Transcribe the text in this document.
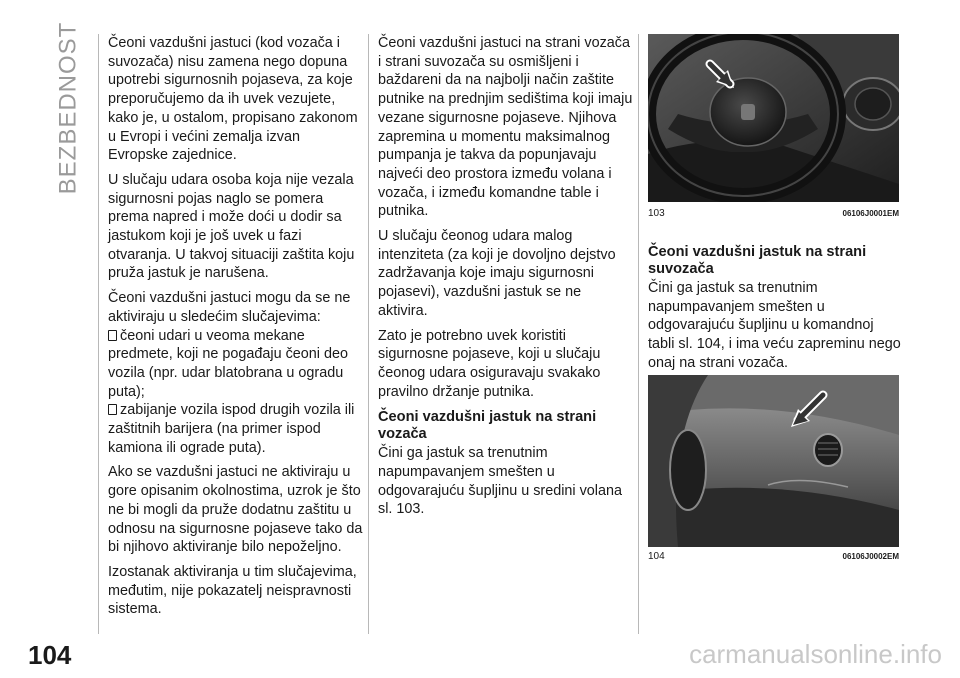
BEZBEDNOST Čeoni vazdušni jastuci (kod vozača i suvozača) nisu zamena nego dopuna upotrebi sigurnosnih pojaseva, za koje preporučujemo da ih uvek vezujete, kako je, u ostalom, propisano zakonom u Evropi i većini zemalja izvan Evropske zajednice.

U slučaju udara osoba koja nije vezala sigurnosni pojas naglo se pomera prema napred i može doći u dodir sa jastukom koji je još uvek u fazi otvaranja. U takvoj situaciji zaštita koju pruža jastuk je narušena.

Čeoni vazdušni jastuci mogu da se ne aktiviraju u sledećim slučajevima:

čeoni udari u veoma mekane predmete, koji ne pogađaju čeoni deo vozila (npr. udar blatobrana u ogradu puta);

zabijanje vozila ispod drugih vozila ili zaštitnih barijera (na primer ispod kamiona ili ograde puta).

Ako se vazdušni jastuci ne aktiviraju u gore opisanim okolnostima, uzrok je što ne bi mogli da pruže dodatnu zaštitu u odnosu na sigurnosne pojaseve tako da bi njihovo aktiviranje bilo nepoželjno.

Izostanak aktiviranja u tim slučajevima, međutim, nije pokazatelj neispravnosti sistema.

Čeoni vazdušni jastuci na strani vozača i strani suvozača su osmišljeni i baždareni da na najbolji način zaštite putnike na prednjim sedištima koji imaju vezane sigurnosne pojaseve. Njihova zapremina u momentu maksimalnog pumpanja je takva da popunjavaju najveći deo prostora između volana i vozača, i između komandne table i putnika.

U slučaju čeonog udara malog intenziteta (za koji je dovoljno dejstvo zadržavanja koje imaju sigurnosni pojasevi), vazdušni jastuk se ne aktivira.

Zato je potrebno uvek koristiti sigurnosne pojaseve, koji u slučaju čeonog udara osiguravaju svakako pravilno držanje putnika.

Čeoni vazdušni jastuk na strani vozača

Čini ga jastuk sa trenutnim napumpavanjem smešten u odgovarajuću šupljinu u sredini volana sl. 103.

103	06106J0001EM
Čeoni vazdušni jastuk na strani suvozača

Čini ga jastuk sa trenutnim napumpavanjem smešten u odgovarajuću šupljinu u komandnoj tabli sl. 104, i ima veću zapreminu nego onaj na strani vozača.

104	06106J0002EM
104	carmanualsonline.info
